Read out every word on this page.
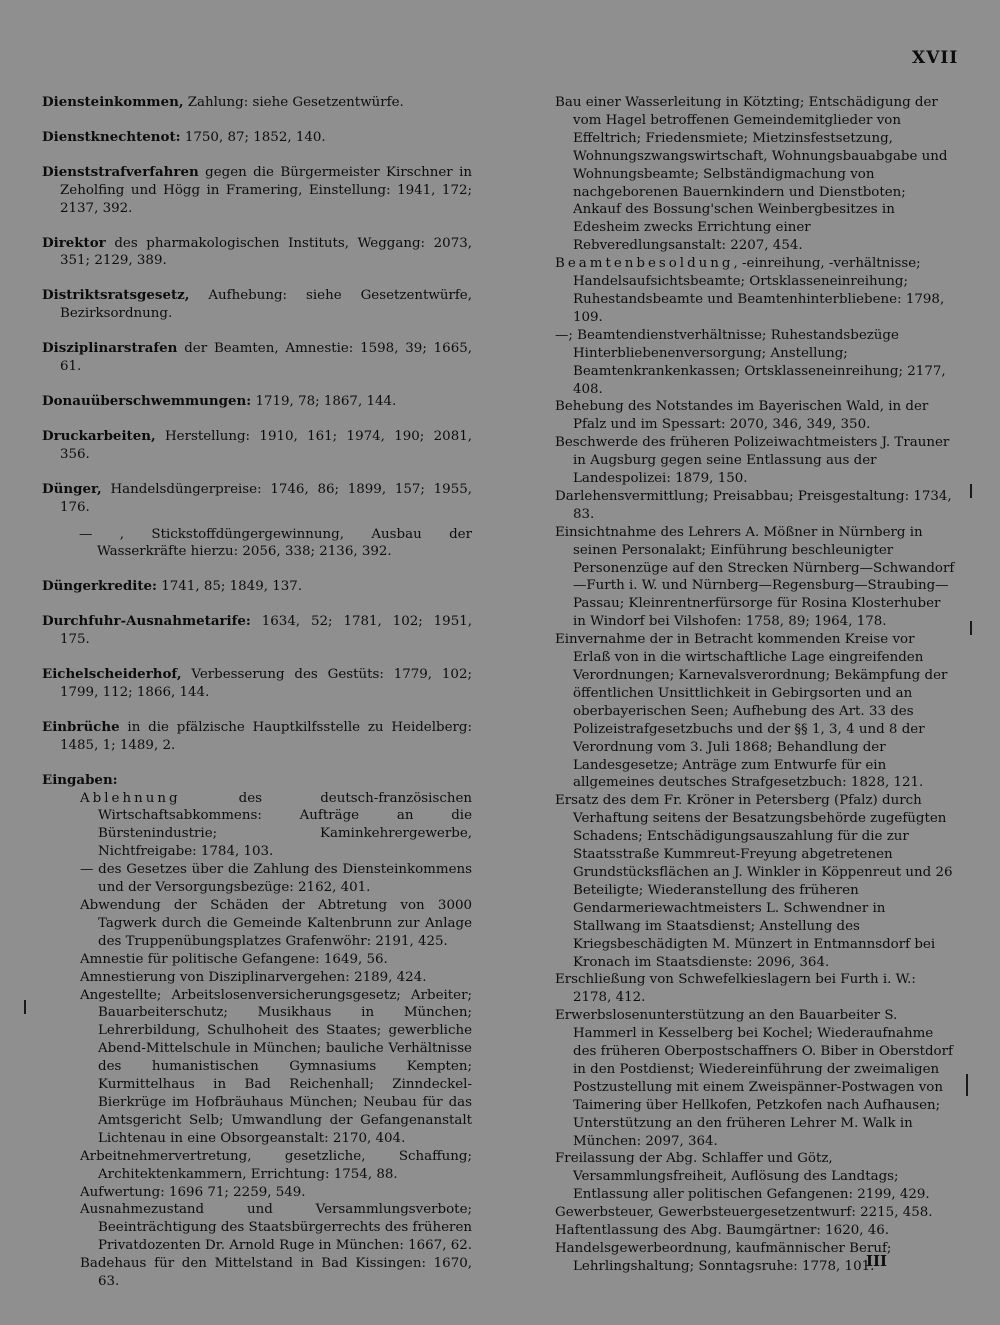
XVII

Diensteinkommen, Zahlung: siehe Gesetzentwürfe.

Dienstknechtenot: 1750, 87; 1852, 140.

Dienststrafverfahren gegen die Bürgermeister Kirschner in Zeholfing und Högg in Framering, Einstellung: 1941, 172; 2137, 392.

Direktor des pharmakologischen Instituts, Weggang: 2073, 351; 2129, 389.

Distriktsratsgesetz, Aufhebung: siehe Gesetzentwürfe, Bezirksordnung.

Disziplinarstrafen der Beamten, Amnestie: 1598, 39; 1665, 61.

Donauüberschwemmungen: 1719, 78; 1867, 144.

Druckarbeiten, Herstellung: 1910, 161; 1974, 190; 2081, 356.

Dünger, Handelsdüngerpreise: 1746, 86; 1899, 157; 1955, 176.

— , Stickstoffdüngergewinnung, Ausbau der Wasserkräfte hierzu: 2056, 338; 2136, 392.

Düngerkredite: 1741, 85; 1849, 137.

Durchfuhr-Ausnahmetarife: 1634, 52; 1781, 102; 1951, 175.

Eichelscheiderhof, Verbesserung des Gestüts: 1779, 102; 1799, 112; 1866, 144.

Einbrüche in die pfälzische Hauptkilfsstelle zu Heidelberg: 1485, 1; 1489, 2.

Eingaben:

Ablehnung des deutsch-französischen Wirtschaftsabkommens: Aufträge an die Bürstenindustrie; Kaminkehrergewerbe, Nichtfreigabe: 1784, 103.
— des Gesetzes über die Zahlung des Diensteinkommens und der Versorgungsbezüge: 2162, 401.
Abwendung der Schäden der Abtretung von 3000 Tagwerk durch die Gemeinde Kaltenbrunn zur Anlage des Truppenübungsplatzes Grafenwöhr: 2191, 425.
Amnestie für politische Gefangene: 1649, 56.
Amnestierung von Disziplinarvergehen: 2189, 424.
Angestellte; Arbeitslosenversicherungsgesetz; Arbeiter; Bauarbeiterschutz; Musikhaus in München; Lehrerbildung, Schulhoheit des Staates; gewerbliche Abend-Mittelschule in München; bauliche Verhältnisse des humanistischen Gymnasiums Kempten; Kurmittelhaus in Bad Reichenhall; Zinndeckel-Bierkrüge im Hofbräuhaus München; Neubau für das Amtsgericht Selb; Umwandlung der Gefangenanstalt Lichtenau in eine Obsorgeanstalt: 2170, 404.
Arbeitnehmervertretung, gesetzliche, Schaffung; Architektenkammern, Errichtung: 1754, 88.
Aufwertung: 1696 71; 2259, 549.
Ausnahmezustand und Versammlungsverbote; Beeinträchtigung des Staatsbürgerrechts des früheren Privatdozenten Dr. Arnold Ruge in München: 1667, 62.
Badehaus für den Mittelstand in Bad Kissingen: 1670, 63.
Bau einer Wasserleitung in Kötzting; Entschädigung der vom Hagel betroffenen Gemeindemitglieder von Effeltrich; Friedensmiete; Mietzinsfestsetzung, Wohnungszwangswirtschaft, Wohnungsbauabgabe und Wohnungsbeamte; Selbständigmachung von nachgeborenen Bauernkindern und Dienstboten; Ankauf des Bossung'schen Weinbergbesitzes in Edesheim zwecks Errichtung einer Rebveredlungsanstalt: 2207, 454.
Beamtenbesoldung, -einreihung, -verhältnisse; Handelsaufsichtsbeamte; Ortsklasseneinreihung; Ruhestandsbeamte und Beamtenhinterbliebene: 1798, 109.
—; Beamtendienstverhältnisse; Ruhestandsbezüge Hinterbliebenenversorgung; Anstellung; Beamtenkrankenkassen; Ortsklasseneinreihung; 2177, 408.
Behebung des Notstandes im Bayerischen Wald, in der Pfalz und im Spessart: 2070, 346, 349, 350.
Beschwerde des früheren Polizeiwachtmeisters J. Trauner in Augsburg gegen seine Entlassung aus der Landespolizei: 1879, 150.
Darlehensvermittlung; Preisabbau; Preisgestaltung: 1734, 83.
Einsichtnahme des Lehrers A. Mößner in Nürnberg in seinen Personalakt; Einführung beschleunigter Personenzüge auf den Strecken Nürnberg—Schwandorf—Furth i. W. und Nürnberg—Regensburg—Straubing—Passau; Kleinrentnerfürsorge für Rosina Klosterhuber in Windorf bei Vilshofen: 1758, 89; 1964, 178.
Einvernahme der in Betracht kommenden Kreise vor Erlaß von in die wirtschaftliche Lage eingreifenden Verordnungen; Karnevalsverordnung; Bekämpfung der öffentlichen Unsittlichkeit in Gebirgsorten und an oberbayerischen Seen; Aufhebung des Art. 33 des Polizeistrafgesetzbuchs und der §§ 1, 3, 4 und 8 der Verordnung vom 3. Juli 1868; Behandlung der Landesgesetze; Anträge zum Entwurfe für ein allgemeines deutsches Strafgesetzbuch: 1828, 121.
Ersatz des dem Fr. Kröner in Petersberg (Pfalz) durch Verhaftung seitens der Besatzungsbehörde zugefügten Schadens; Entschädigungsauszahlung für die zur Staatsstraße Kummreut-Freyung abgetretenen Grundstücksflächen an J. Winkler in Köppenreut und 26 Beteiligte; Wiederanstellung des früheren Gendarmeriewachtmeisters L. Schwendner in Stallwang im Staatsdienst; Anstellung des Kriegsbeschädigten M. Münzert in Entmannsdorf bei Kronach im Staatsdienste: 2096, 364.
Erschließung von Schwefelkieslagern bei Furth i. W.: 2178, 412.
Erwerbslosenunterstützung an den Bauarbeiter S. Hammerl in Kesselberg bei Kochel; Wiederaufnahme des früheren Oberpostschaffners O. Biber in Oberstdorf in den Postdienst; Wiedereinführung der zweimaligen Postzustellung mit einem Zweispänner-Postwagen von Taimering über Hellkofen, Petzkofen nach Aufhausen; Unterstützung an den früheren Lehrer M. Walk in München: 2097, 364.
Freilassung der Abg. Schlaffer und Götz, Versammlungsfreiheit, Auflösung des Landtags; Entlassung aller politischen Gefangenen: 2199, 429.
Gewerbsteuer, Gewerbsteuergesetzentwurf: 2215, 458.
Haftentlassung des Abg. Baumgärtner: 1620, 46.
Handelsgewerbeordnung, kaufmännischer Beruf; Lehrlingshaltung; Sonntagsruhe: 1778, 101.
III
